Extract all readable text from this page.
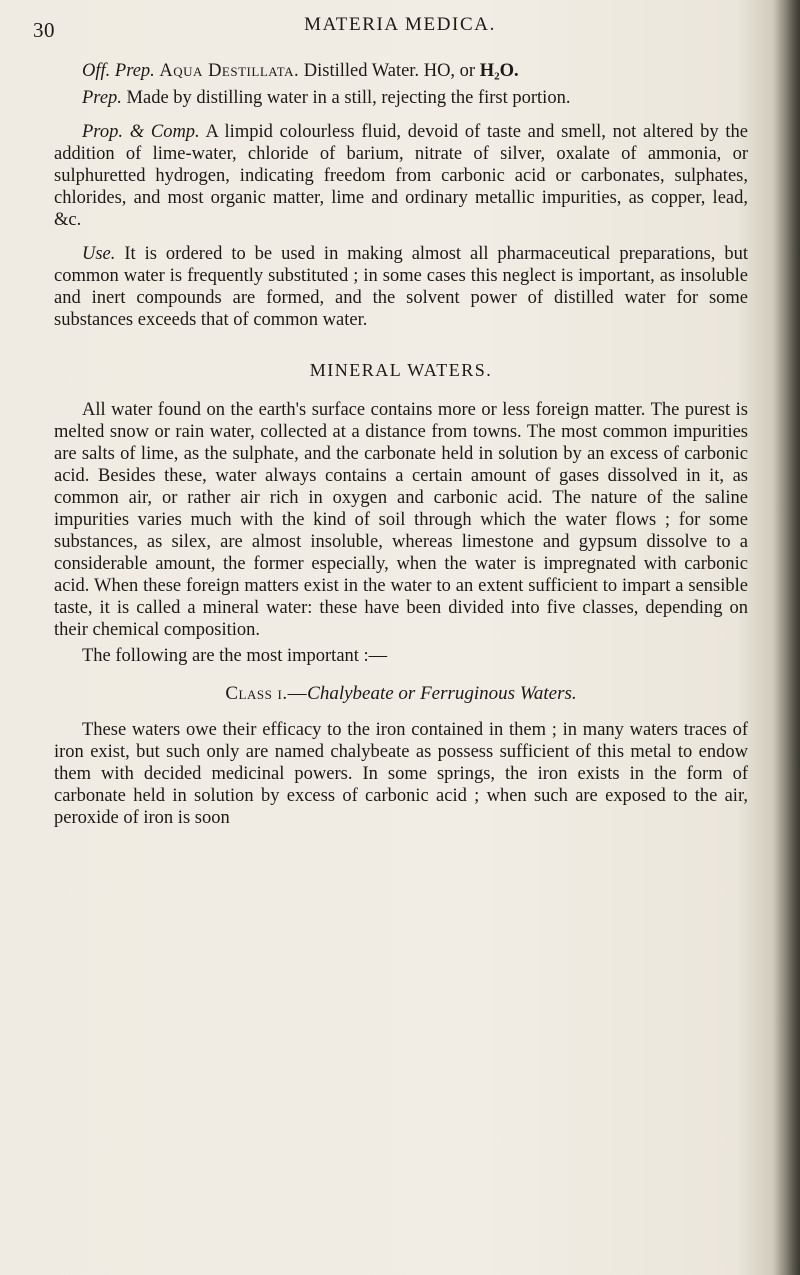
30	MATERIA MEDICA.

Off. Prep. Aqua Destillata. Distilled Water. HO, or H₂O.

Prep. Made by distilling water in a still, rejecting the first portion.

Prop. & Comp. A limpid colourless fluid, devoid of taste and smell, not altered by the addition of lime-water, chloride of barium, nitrate of silver, oxalate of ammonia, or sulphuretted hydrogen, indicating freedom from carbonic acid or carbonates, sulphates, chlorides, and most organic matter, lime and ordinary metallic impurities, as copper, lead, &c.

Use. It is ordered to be used in making almost all pharmaceutical preparations, but common water is frequently substituted ; in some cases this neglect is important, as insoluble and inert compounds are formed, and the solvent power of distilled water for some substances exceeds that of common water.

MINERAL WATERS.

All water found on the earth's surface contains more or less foreign matter. The purest is melted snow or rain water, collected at a distance from towns. The most common impurities are salts of lime, as the sulphate, and the carbonate held in solution by an excess of carbonic acid. Besides these, water always contains a certain amount of gases dissolved in it, as common air, or rather air rich in oxygen and carbonic acid. The nature of the saline impurities varies much with the kind of soil through which the water flows ; for some substances, as silex, are almost insoluble, whereas limestone and gypsum dissolve to a considerable amount, the former especially, when the water is impregnated with carbonic acid. When these foreign matters exist in the water to an extent sufficient to impart a sensible taste, it is called a mineral water: these have been divided into five classes, depending on their chemical composition.

The following are the most important :—

Class i.—Chalybeate or Ferruginous Waters.

These waters owe their efficacy to the iron contained in them ; in many waters traces of iron exist, but such only are named chalybeate as possess sufficient of this metal to endow them with decided medicinal powers. In some springs, the iron exists in the form of carbonate held in solution by excess of carbonic acid ; when such are exposed to the air, peroxide of iron is soon
